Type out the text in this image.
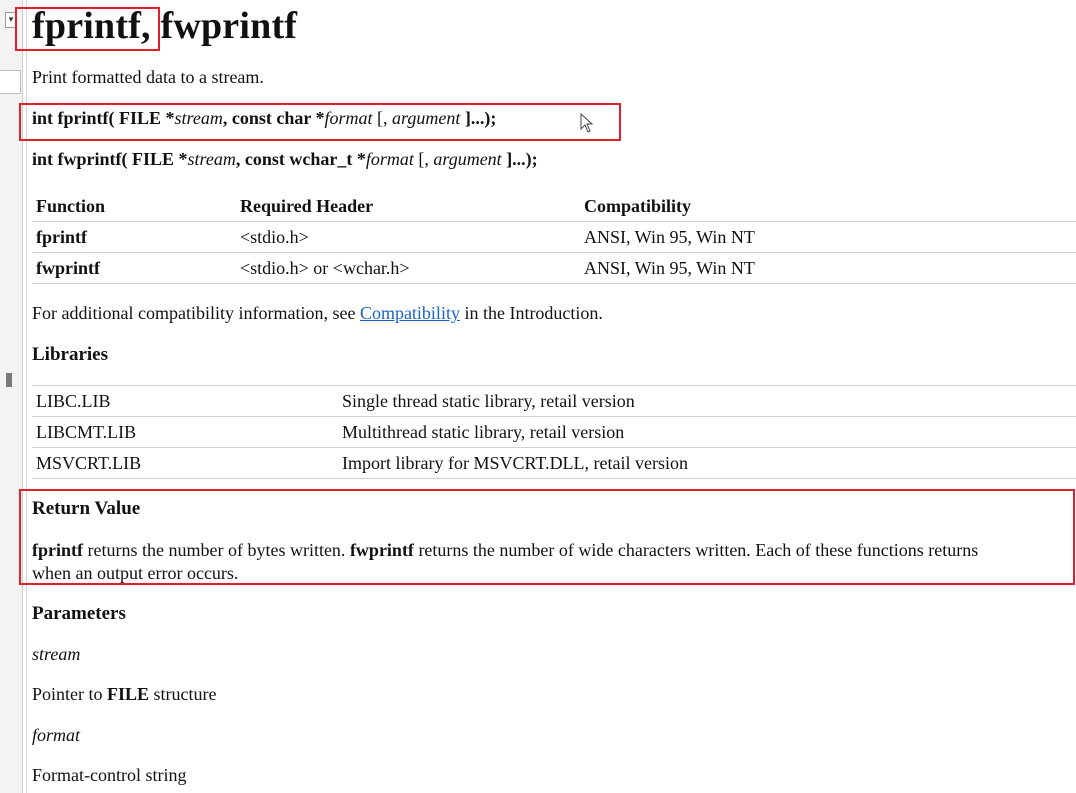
▾ fprintf, fwprintf
Print formatted data to a stream.
int fprintf( FILE *stream, const char *format [, argument ]...);
int fwprintf( FILE *stream, const wchar_t *format [, argument ]...);
Function	Required Header	Compatibility
fprintf	<stdio.h>	ANSI, Win 95, Win NT
fwprintf	<stdio.h> or <wchar.h>	ANSI, Win 95, Win NT
For additional compatibility information, see Compatibility in the Introduction.
Libraries
LIBC.LIB	Single thread static library, retail version
LIBCMT.LIB	Multithread static library, retail version
MSVCRT.LIB	Import library for MSVCRT.DLL, retail version
Return Value
fprintf returns the number of bytes written. fwprintf returns the number of wide characters written. Each of these functions returns
when an output error occurs.
Parameters
stream
Pointer to FILE structure
format
Format-control string
